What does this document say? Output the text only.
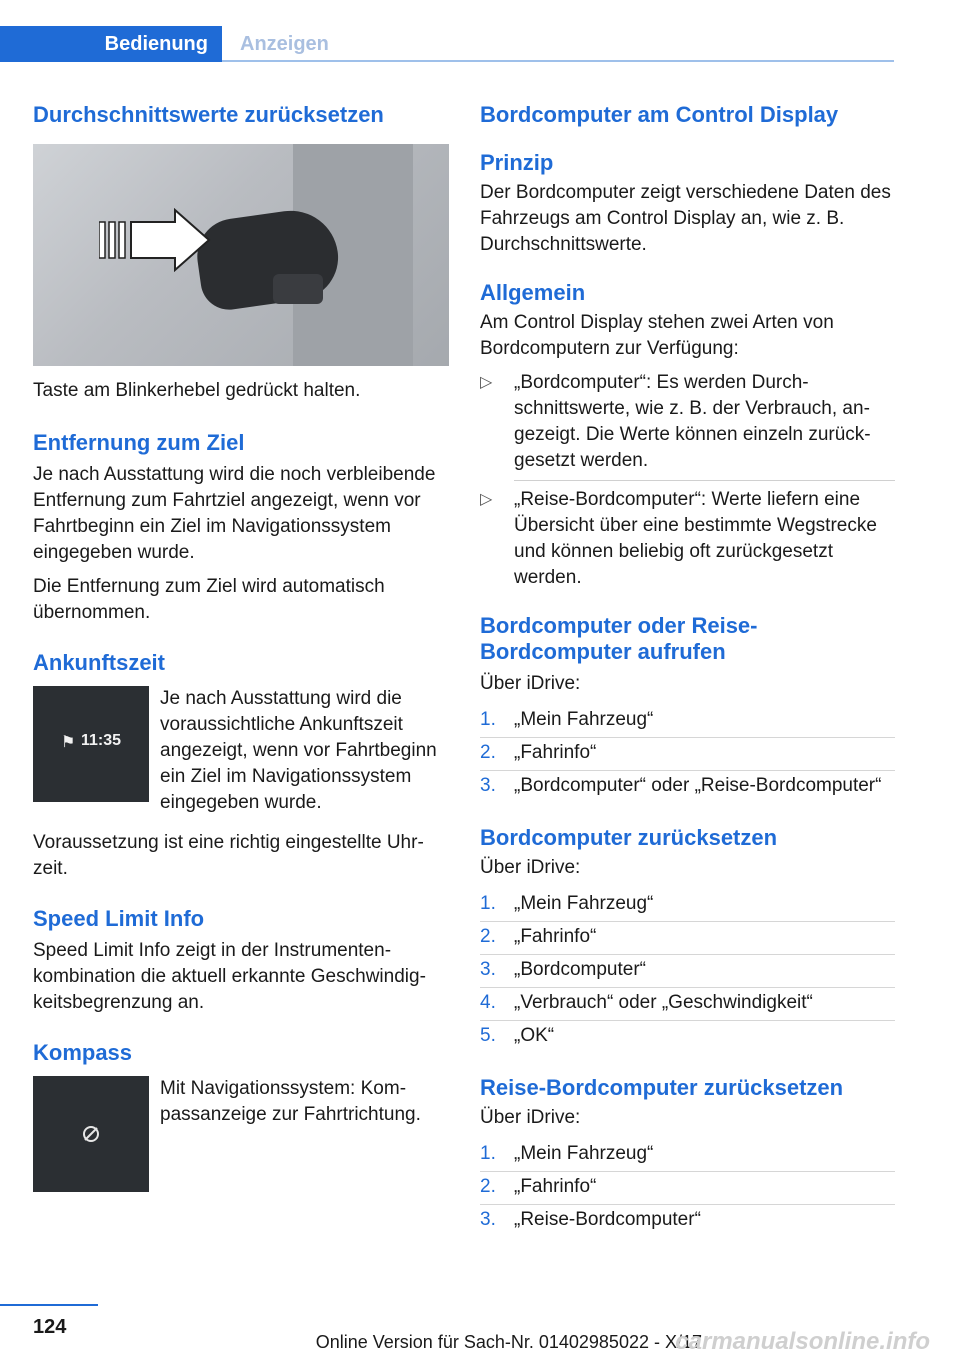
Bedienung	Anzeigen
Durchschnittswerte zurücksetzen

Taste am Blinkerhebel gedrückt halten.

Entfernung zum Ziel

Je nach Ausstattung wird die noch verbleibende Entfernung zum Fahrtziel angezeigt, wenn vor Fahrtbeginn ein Ziel im Navigationssystem eingegeben wurde.

Die Entfernung zum Ziel wird automatisch übernommen.

Ankunftszeit
⚑ 11:35

Je nach Ausstattung wird die voraussichtliche Ankunftszeit angezeigt, wenn vor Fahrtbeginn ein Ziel im Navigationssystem eingegeben wurde.

Voraussetzung ist eine richtig eingestellte Uhrzeit.

Speed Limit Info

Speed Limit Info zeigt in der Instrumentenkombination die aktuell erkannte Geschwindigkeitsbegrenzung an.

Kompass

Mit Navigationssystem: Kompassanzeige zur Fahrtrichtung.

Bordcomputer am Control Display
Prinzip

Der Bordcomputer zeigt verschiedene Daten des Fahrzeugs am Control Display an, wie z. B. Durchschnittswerte.

Allgemein

Am Control Display stehen zwei Arten von Bordcomputern zur Verfügung:

▷ „Bordcomputer“: Es werden Durchschnittswerte, wie z. B. der Verbrauch, angezeigt. Die Werte können einzeln zurückgesetzt werden.
▷ „Reise-Bordcomputer“: Werte liefern eine Übersicht über eine bestimmte Wegstrecke und können beliebig oft zurückgesetzt werden.
Bordcomputer oder Reise-Bordcomputer aufrufen

Über iDrive:

1. „Mein Fahrzeug“
2. „Fahrinfo“
3. „Bordcomputer“ oder „Reise-Bordcomputer“
Bordcomputer zurücksetzen

Über iDrive:

1. „Mein Fahrzeug“
2. „Fahrinfo“
3. „Bordcomputer“
4. „Verbrauch“ oder „Geschwindigkeit“
5. „OK“
Reise-Bordcomputer zurücksetzen

Über iDrive:

1. „Mein Fahrzeug“
2. „Fahrinfo“
3. „Reise-Bordcomputer“
124
Online Version für Sach-Nr. 01402985022 - X/17
carmanualsonline.info
